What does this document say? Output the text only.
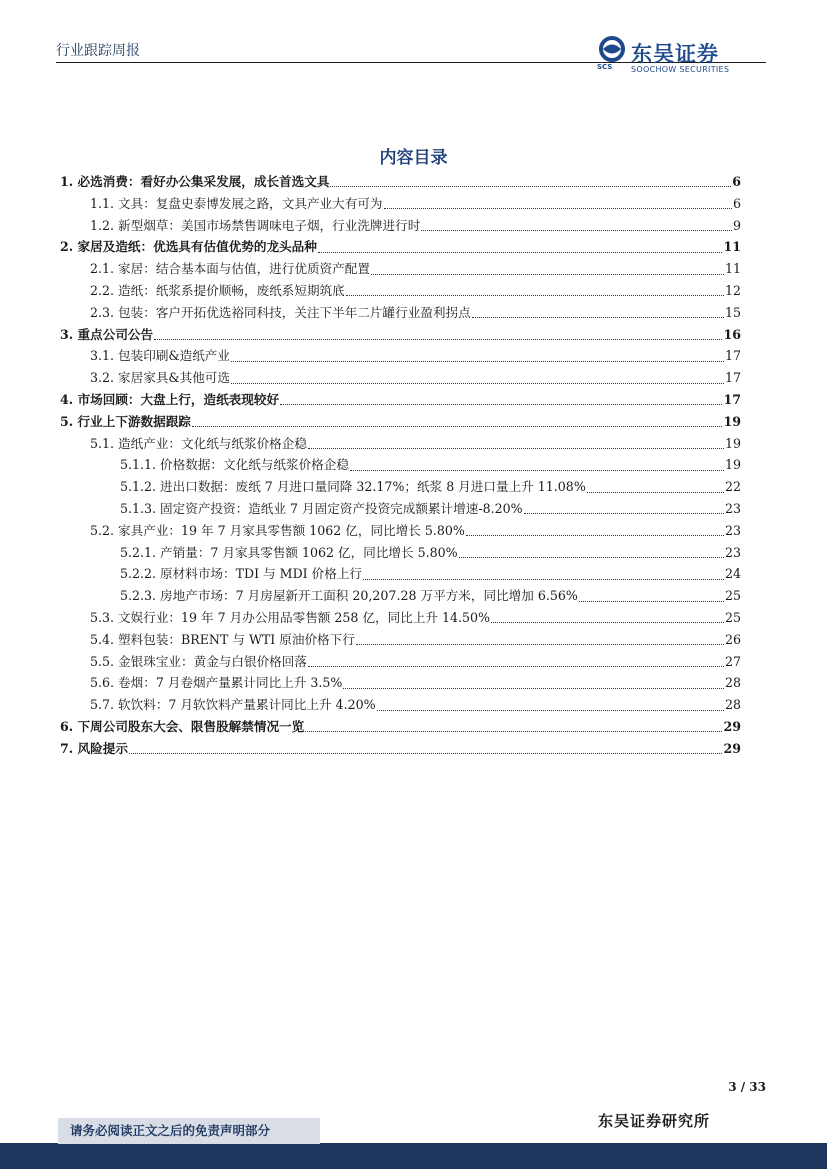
行业跟踪周报	东吴证券
SCS SOOCHOW SECURITIES
内容目录
1. 必选消费：看好办公集采发展，成长首选文具	6
1.1. 文具：复盘史泰博发展之路，文具产业大有可为	6
1.2. 新型烟草：美国市场禁售调味电子烟，行业洗牌进行时	9
2. 家居及造纸：优选具有估值优势的龙头品种	11
2.1. 家居：结合基本面与估值，进行优质资产配置	11
2.2. 造纸：纸浆系提价顺畅，废纸系短期筑底	12
2.3. 包装：客户开拓优选裕同科技，关注下半年二片罐行业盈利拐点	15
3. 重点公司公告	16
3.1. 包装印刷&造纸产业	17
3.2. 家居家具&其他可选	17
4. 市场回顾：大盘上行，造纸表现较好	17
5. 行业上下游数据跟踪	19
5.1. 造纸产业：文化纸与纸浆价格企稳	19
5.1.1. 价格数据：文化纸与纸浆价格企稳	19
5.1.2. 进出口数据：废纸 7 月进口量同降 32.17%；纸浆 8 月进口量上升 11.08%	22
5.1.3. 固定资产投资：造纸业 7 月固定资产投资完成额累计增速-8.20%	23
5.2. 家具产业：19 年 7 月家具零售额 1062 亿，同比增长 5.80%	23
5.2.1. 产销量：7 月家具零售额 1062 亿，同比增长 5.80%	23
5.2.2. 原材料市场：TDI 与 MDI 价格上行	24
5.2.3. 房地产市场：7 月房屋新开工面积 20,207.28 万平方米，同比增加 6.56%	25
5.3. 文娱行业：19 年 7 月办公用品零售额 258 亿，同比上升 14.50%	25
5.4. 塑料包装：BRENT 与 WTI 原油价格下行	26
5.5. 金银珠宝业：黄金与白银价格回落	27
5.6. 卷烟：7 月卷烟产量累计同比上升 3.5%	28
5.7. 软饮料：7 月软饮料产量累计同比上升 4.20%	28
6. 下周公司股东大会、限售股解禁情况一览	29
7. 风险提示	29
3 / 33
东吴证券研究所
请务必阅读正文之后的免责声明部分
